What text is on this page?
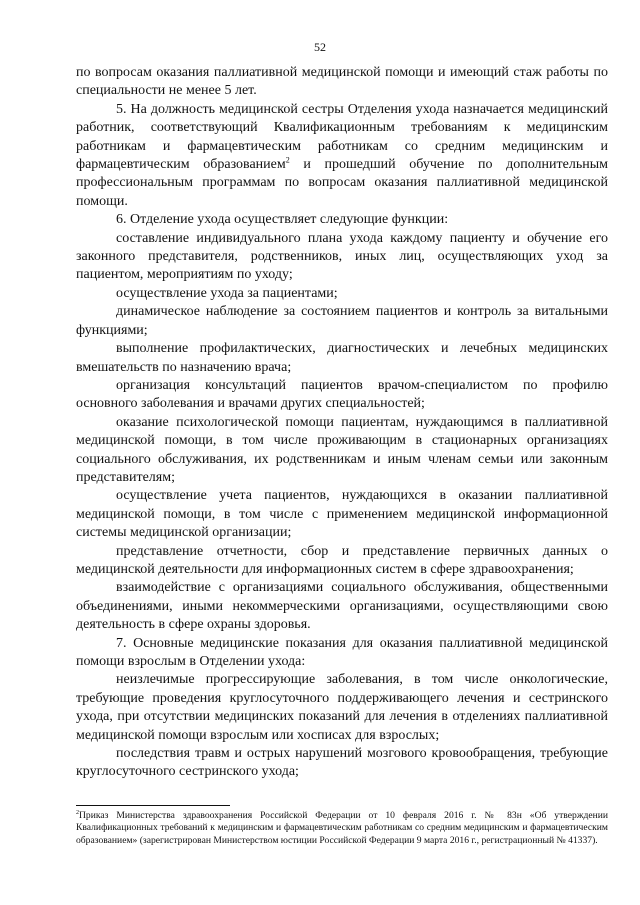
52

по вопросам оказания паллиативной медицинской помощи и имеющий стаж работы по специальности не менее 5 лет.

5. На должность медицинской сестры Отделения ухода назначается медицинский работник, соответствующий Квалификационным требованиям к медицинским работникам и фармацевтическим работникам со средним медицинским и фармацевтическим образованием$^2$ и прошедший обучение по дополнительным профессиональным программам по вопросам оказания паллиативной медицинской помощи.

6. Отделение ухода осуществляет следующие функции:

составление индивидуального плана ухода каждому пациенту и обучение его законного представителя, родственников, иных лиц, осуществляющих уход за пациентом, мероприятиям по уходу;

осуществление ухода за пациентами;

динамическое наблюдение за состоянием пациентов и контроль за витальными функциями;

выполнение профилактических, диагностических и лечебных медицинских вмешательств по назначению врача;

организация консультаций пациентов врачом-специалистом по профилю основного заболевания и врачами других специальностей;

оказание психологической помощи пациентам, нуждающимся в паллиативной медицинской помощи, в том числе проживающим в стационарных организациях социального обслуживания, их родственникам и иным членам семьи или законным представителям;

осуществление учета пациентов, нуждающихся в оказании паллиативной медицинской помощи, в том числе с применением медицинской информационной системы медицинской организации;

представление отчетности, сбор и представление первичных данных о медицинской деятельности для информационных систем в сфере здравоохранения;

взаимодействие с организациями социального обслуживания, общественными объединениями, иными некоммерческими организациями, осуществляющими свою деятельность в сфере охраны здоровья.

7. Основные медицинские показания для оказания паллиативной медицинской помощи взрослым в Отделении ухода:

неизлечимые прогрессирующие заболевания, в том числе онкологические, требующие проведения круглосуточного поддерживающего лечения и сестринского ухода, при отсутствии медицинских показаний для лечения в отделениях паллиативной медицинской помощи взрослым или хосписах для взрослых;

последствия травм и острых нарушений мозгового кровообращения, требующие круглосуточного сестринского ухода;

$^2$Приказ Министерства здравоохранения Российской Федерации от 10 февраля 2016 г. № 83н «Об утверждении Квалификационных требований к медицинским и фармацевтическим работникам со средним медицинским и фармацевтическим образованием» (зарегистрирован Министерством юстиции Российской Федерации 9 марта 2016 г., регистрационный № 41337).
